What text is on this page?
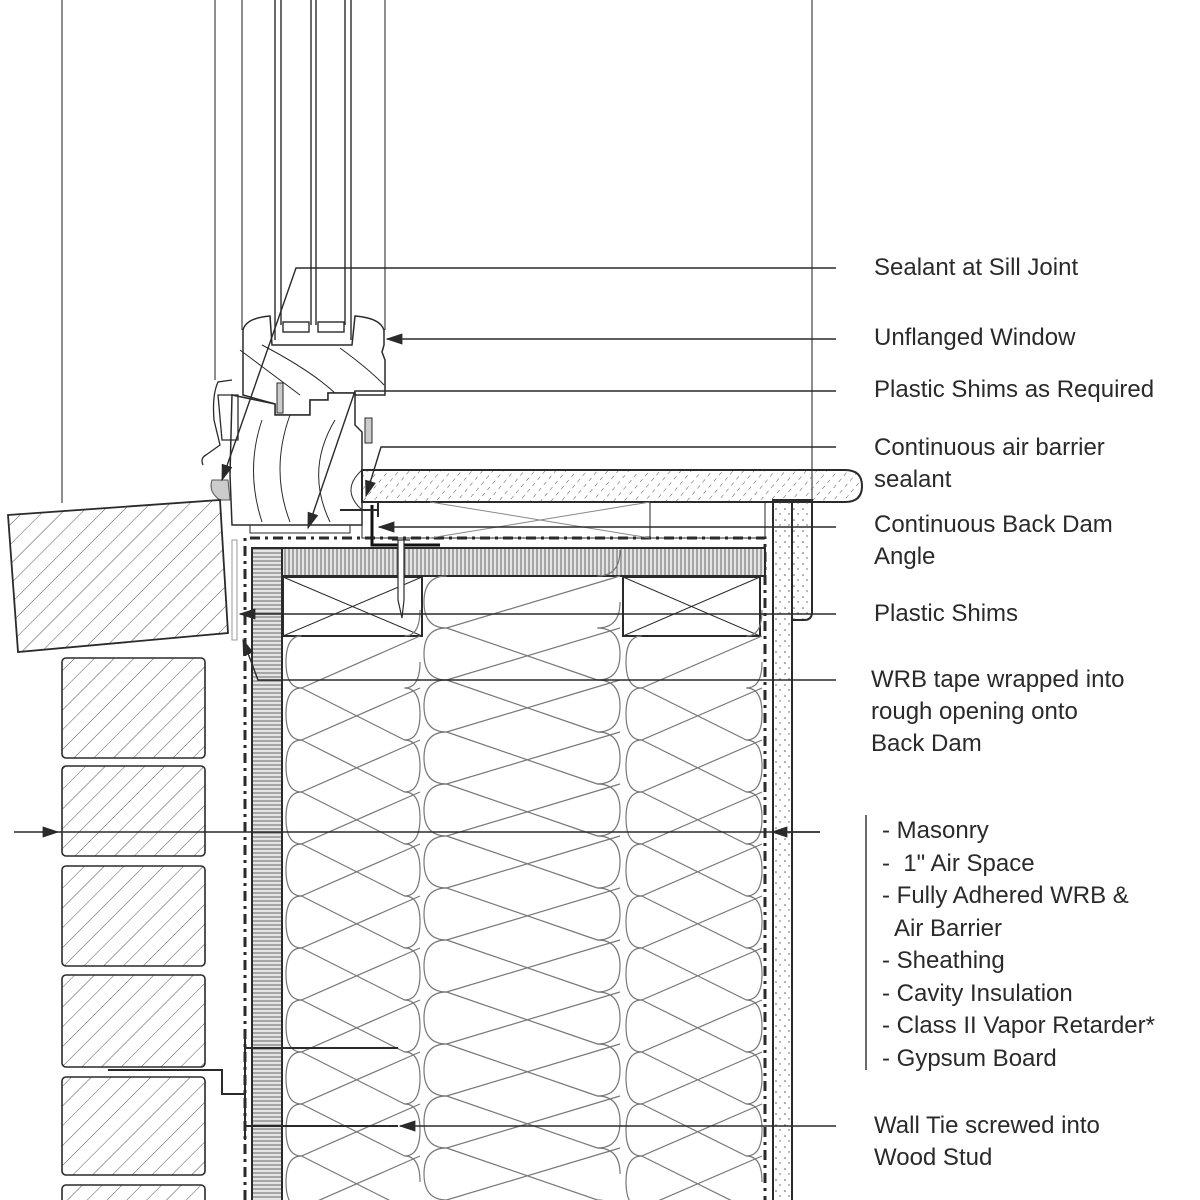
Sealant at Sill Joint
Unflanged Window
Plastic Shims as Required
Continuous air barrier
sealant
Continuous Back Dam
Angle
Plastic Shims
WRB tape wrapped into
rough opening onto
Back Dam
- Masonry
-  1" Air Space
- Fully Adhered WRB &
Air Barrier
- Sheathing
- Cavity Insulation
- Class II Vapor Retarder*
- Gypsum Board
Wall Tie screwed into
Wood Stud
